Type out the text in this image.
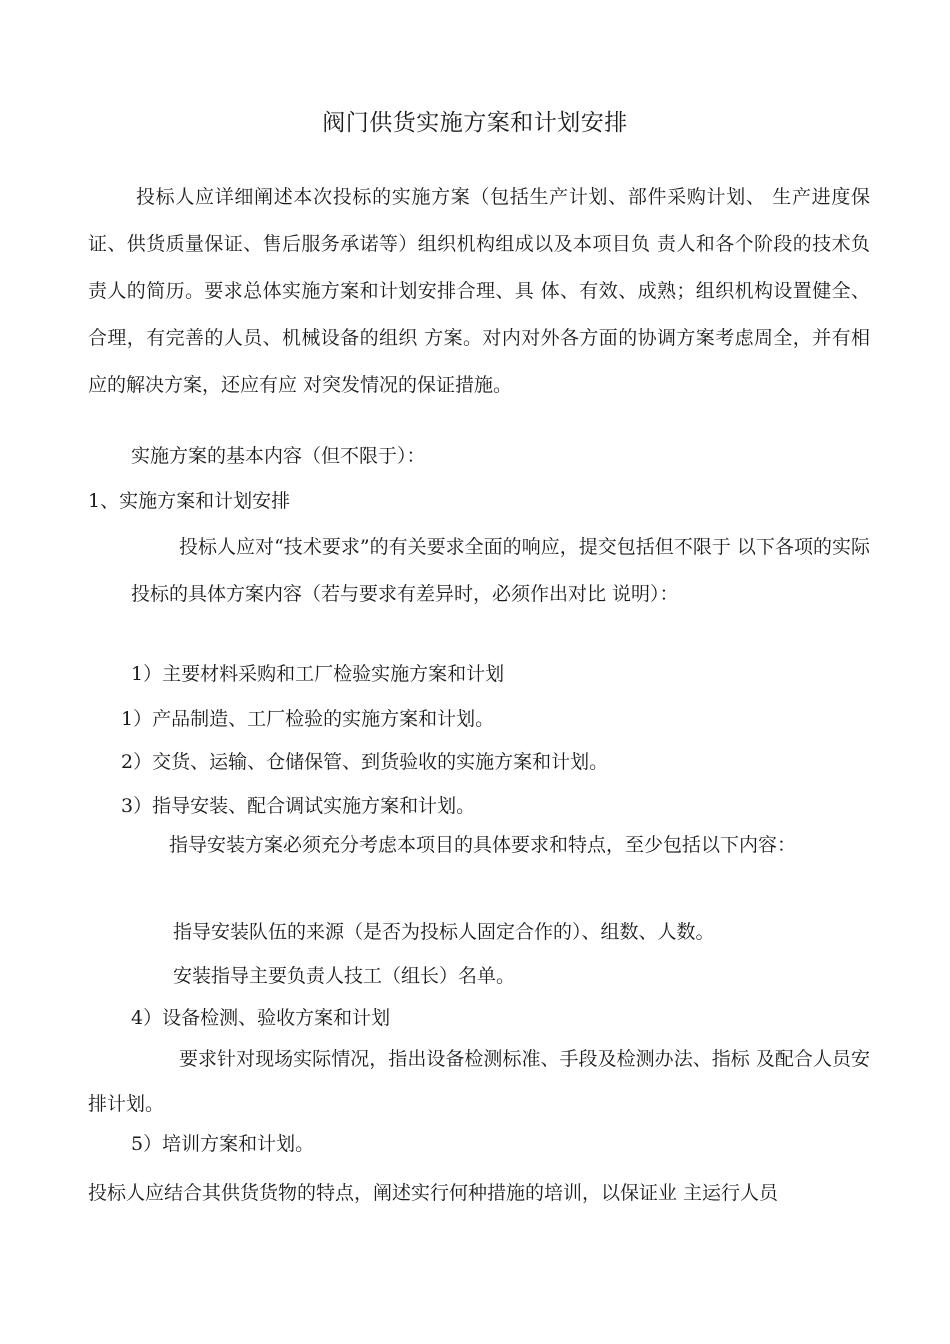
阀门供货实施方案和计划安排

投标人应详细阐述本次投标的实施方案（包括生产计划、部件采购计划、 生产进度保证、供货质量保证、售后服务承诺等）组织机构组成以及本项目负 责人和各个阶段的技术负责人的简历。要求总体实施方案和计划安排合理、具 体、有效、成熟；组织机构设置健全、合理，有完善的人员、机械设备的组织 方案。对内对外各方面的协调方案考虑周全，并有相应的解决方案，还应有应 对突发情况的保证措施。

实施方案的基本内容（但不限于）：

1、实施方案和计划安排

投标人应对“技术要求”的有关要求全面的响应，提交包括但不限于 以下各项的实际投标的具体方案内容（若与要求有差异时，必须作出对比 说明）：

1）主要材料采购和工厂检验实施方案和计划

1）产品制造、工厂检验的实施方案和计划。

2）交货、运输、仓储保管、到货验收的实施方案和计划。

3）指导安装、配合调试实施方案和计划。

指导安装方案必须充分考虑本项目的具体要求和特点，至少包括以下内容：

指导安装队伍的来源（是否为投标人固定合作的）、组数、人数。

安装指导主要负责人技工（组长）名单。

4）设备检测、验收方案和计划

要求针对现场实际情况，指出设备检测标准、手段及检测办法、指标 及配合人员安排计划。

5）培训方案和计划。

投标人应结合其供货货物的特点，阐述实行何种措施的培训，以保证业 主运行人员
